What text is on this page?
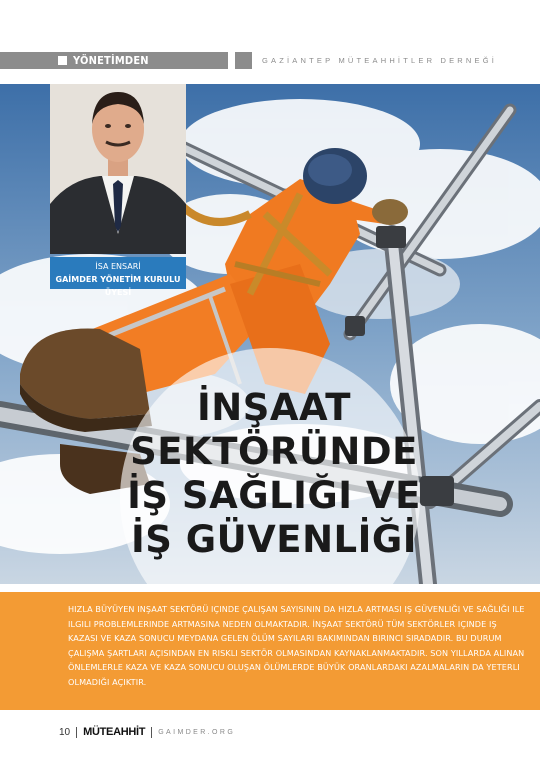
YÖNETİMDEN	GAZİANTEP MÜTEAHHİTLER DERNEĞİ
İSA ENSARİ
GAİMDER YÖNETİM KURULU ÜYESİ
İNŞAAT
SEKTÖRÜNDE
İŞ SAĞLIĞI VE
İŞ GÜVENLİĞİ

HIZLA BÜYÜYEN INŞAAT SEKTÖRÜ IÇINDE ÇALIŞAN SAYISININ DA HIZLA ARTMASI IŞ GÜVENLIĞI VE SAĞLIĞI ILE ILGILI PROBLEMLERINDE ARTMASINA NEDEN OLMAKTADIR. İNŞAAT SEKTÖRÜ TÜM SEKTÖRLER IÇINDE IŞ KAZASI VE KAZA SONUCU MEYDANA GELEN ÖLÜM SAYILARI BAKIMINDAN BIRINCI SIRADADIR. BU DURUM ÇALIŞMA ŞARTLARI AÇISINDAN EN RISKLI SEKTÖR OLMASINDAN KAYNAKLANMAKTADIR. SON YILLARDA ALINAN ÖNLEMLERLE KAZA VE KAZA SONUCU OLUŞAN ÖLÜMLERDE BÜYÜK ORANLARDAKI AZALMALARIN DA YETERLI OLMADIĞI AÇIKTIR.

10 MÜTEAHHİT GAIMDER.ORG
